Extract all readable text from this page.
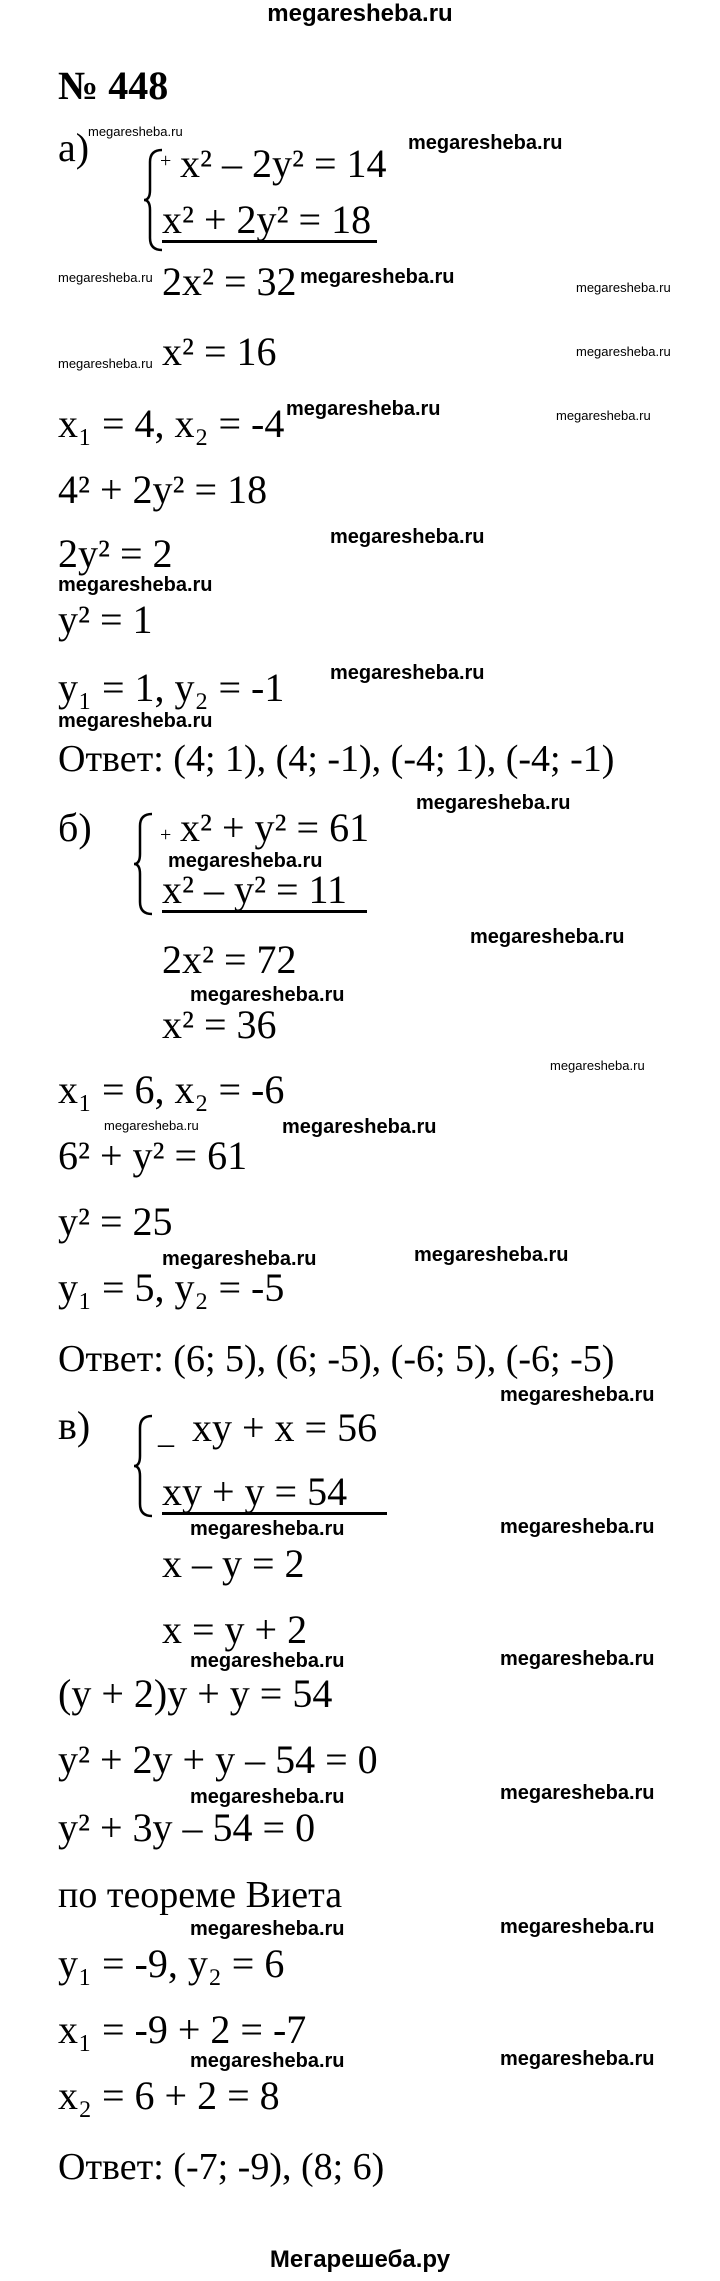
megaresheba.ru
№ 448
а)	+ x² – 2y² = 14
x² + 2y² = 18
2x² = 32
x² = 16
x₁ = 4, x₂ = -4
4² + 2y² = 18
2y² = 2
y² = 1
y₁ = 1, y₂ = -1
Ответ: (4; 1), (4; -1), (-4; 1), (-4; -1)
б)	+ x² + y² = 61
x² – y² = 11
2x² = 72
x² = 36
x₁ = 6, x₂ = -6
6² + y² = 61
y² = 25
y₁ = 5, y₂ = -5
Ответ: (6; 5), (6; -5), (-6; 5), (-6; -5)
в) _ xy + x = 56
xy + y = 54
x – y = 2
x = y + 2
(y + 2)y + y = 54
y² + 2y + y – 54 = 0
y² + 3y – 54 = 0
по теореме Виета
y₁ = -9, y₂ = 6
x₁ = -9 + 2 = -7
x₂ = 6 + 2 = 8
Ответ: (-7; -9), (8; 6)
megaresheba.ru
megaresheba.ru
megaresheba.ru
megaresheba.ru
megaresheba.ru
megaresheba.ru
megaresheba.ru
megaresheba.ru
megaresheba.ru
megaresheba.ru
megaresheba.ru
megaresheba.ru
megaresheba.ru	megaresheba.ru
megaresheba.ru
megaresheba.ru	megaresheba.ru
megaresheba.ru	megaresheba.ru
megaresheba.ru	megaresheba.ru
megaresheba.ru	megaresheba.ru
megaresheba.ru	megaresheba.ru
megaresheba.ru
megaresheba.ru
megaresheba.ru
megaresheba.ru
megaresheba.ru
megaresheba.ru
megaresheba.ru
megaresheba.ru
Мегарешеба.ру
